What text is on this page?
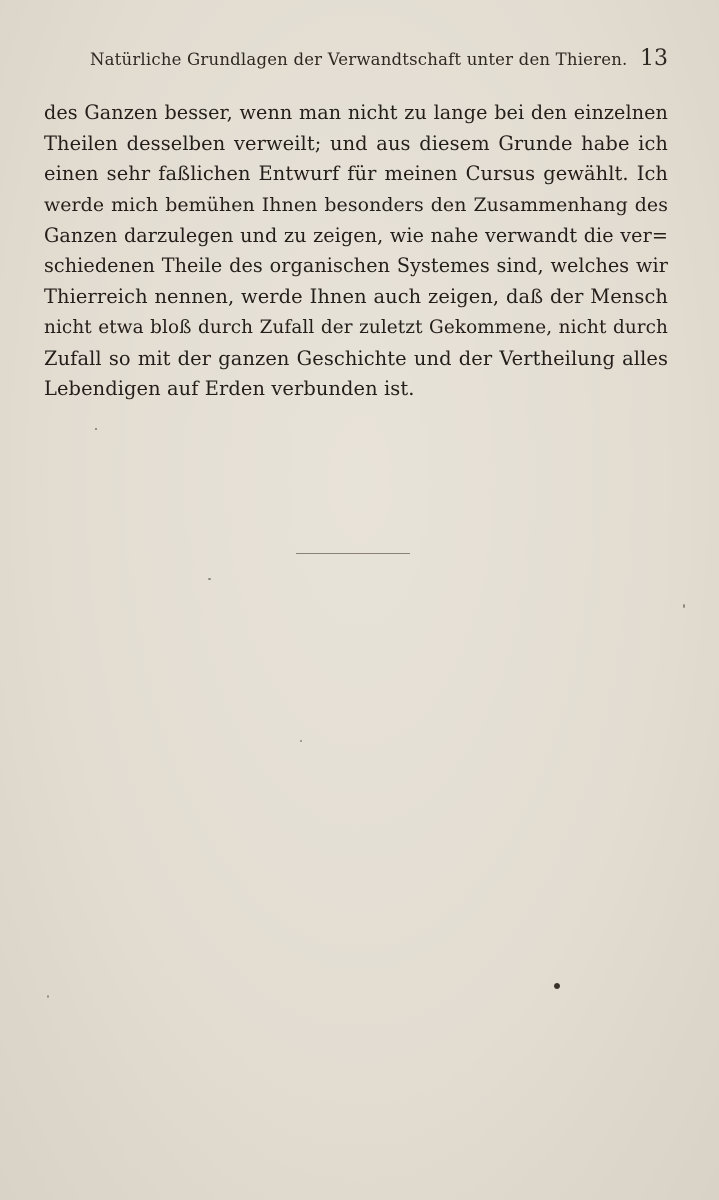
Natürliche Grundlagen der Verwandtschaft unter den Thieren. 13
des Ganzen besser, wenn man nicht zu lange bei den einzelnen
Theilen desselben verweilt; und aus diesem Grunde habe ich
einen sehr faßlichen Entwurf für meinen Cursus gewählt. Ich
werde mich bemühen Ihnen besonders den Zusammenhang des
Ganzen darzulegen und zu zeigen, wie nahe verwandt die ver=
schiedenen Theile des organischen Systemes sind, welches wir
Thierreich nennen, werde Ihnen auch zeigen, daß der Mensch
nicht etwa bloß durch Zufall der zuletzt Gekommene, nicht durch
Zufall so mit der ganzen Geschichte und der Vertheilung alles
Lebendigen auf Erden verbunden ist.
